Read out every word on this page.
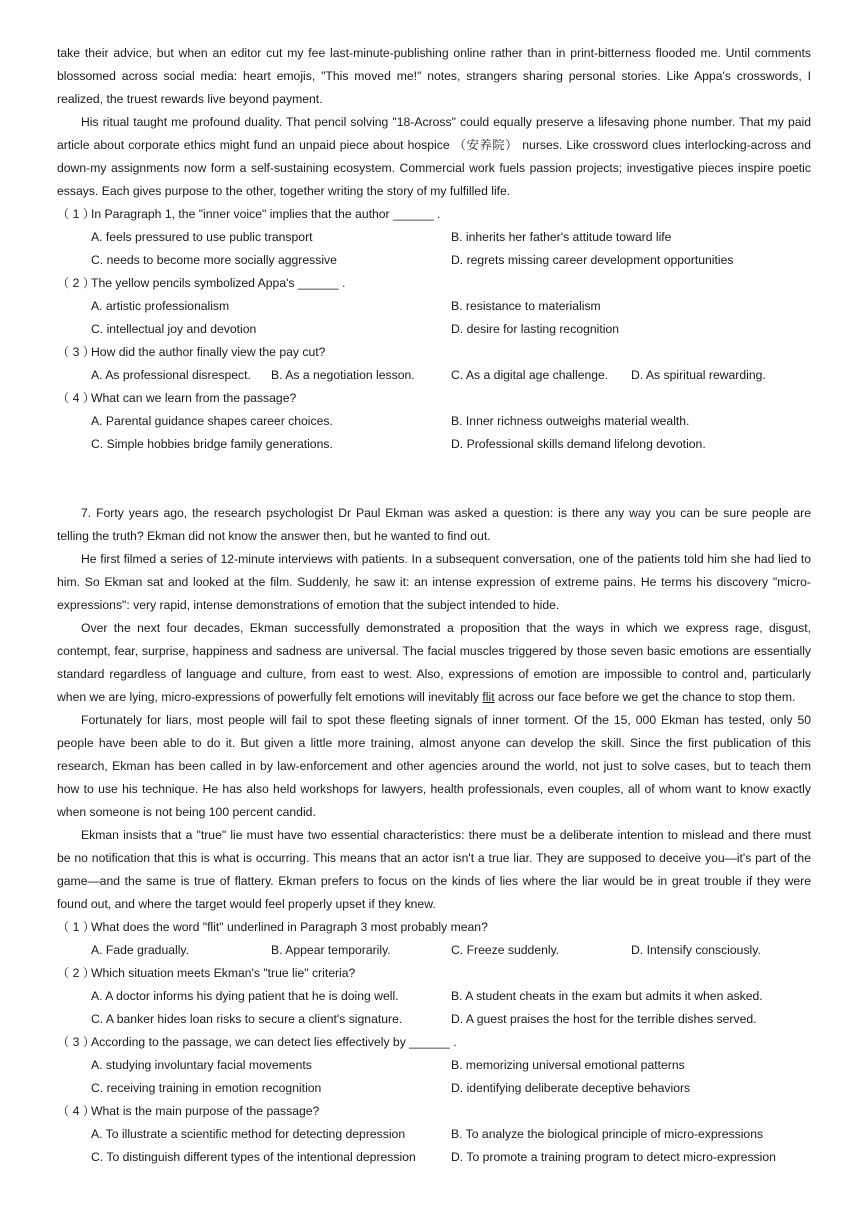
take their advice, but when an editor cut my fee last-minute-publishing online rather than in print-bitterness flooded me. Until comments blossomed across social media: heart emojis, "This moved me!" notes, strangers sharing personal stories. Like Appa's crosswords, I realized, the truest rewards live beyond payment.

His ritual taught me profound duality. That pencil solving "18-Across" could equally preserve a lifesaving phone number. That my paid article about corporate ethics might fund an unpaid piece about hospice （安养院） nurses. Like crossword clues interlocking-across and down-my assignments now form a self-sustaining ecosystem. Commercial work fuels passion projects; investigative pieces inspire poetic essays. Each gives purpose to the other, together writing the story of my fulfilled life.

（ 1 ）
In Paragraph 1, the "inner voice" implies that the author ______ .
A. feels pressured to use public transport	B. inherits her father's attitude toward life
C. needs to become more socially aggressive	D. regrets missing career development opportunities
（ 2 ）
The yellow pencils symbolized Appa's ______ .
A. artistic professionalism	B. resistance to materialism
C. intellectual joy and devotion	D. desire for lasting recognition
（ 3 ）
How did the author finally view the pay cut?
A. As professional disrespect.	B. As a negotiation lesson.	C. As a digital age challenge.	D. As spiritual rewarding.
（ 4 ）
What can we learn from the passage?
A. Parental guidance shapes career choices.	B. Inner richness outweighs material wealth.
C. Simple hobbies bridge family generations.	D. Professional skills demand lifelong devotion.

7. Forty years ago, the research psychologist Dr Paul Ekman was asked a question: is there any way you can be sure people are telling the truth? Ekman did not know the answer then, but he wanted to find out.

He first filmed a series of 12-minute interviews with patients. In a subsequent conversation, one of the patients told him she had lied to him. So Ekman sat and looked at the film. Suddenly, he saw it: an intense expression of extreme pains. He terms his discovery "micro-expressions": very rapid, intense demonstrations of emotion that the subject intended to hide.

Over the next four decades, Ekman successfully demonstrated a proposition that the ways in which we express rage, disgust, contempt, fear, surprise, happiness and sadness are universal. The facial muscles triggered by those seven basic emotions are essentially standard regardless of language and culture, from east to west. Also, expressions of emotion are impossible to control and, particularly when we are lying, micro-expressions of powerfully felt emotions will inevitably flit across our face before we get the chance to stop them.

Fortunately for liars, most people will fail to spot these fleeting signals of inner torment. Of the 15, 000 Ekman has tested, only 50 people have been able to do it. But given a little more training, almost anyone can develop the skill. Since the first publication of this research, Ekman has been called in by law-enforcement and other agencies around the world, not just to solve cases, but to teach them how to use his technique. He has also held workshops for lawyers, health professionals, even couples, all of whom want to know exactly when someone is not being 100 percent candid.

Ekman insists that a "true" lie must have two essential characteristics: there must be a deliberate intention to mislead and there must be no notification that this is what is occurring. This means that an actor isn't a true liar. They are supposed to deceive you—it's part of the game—and the same is true of flattery. Ekman prefers to focus on the kinds of lies where the liar would be in great trouble if they were found out, and where the target would feel properly upset if they knew.

（ 1 ）
What does the word "flit" underlined in Paragraph 3 most probably mean?
A. Fade gradually.	B. Appear temporarily.	C. Freeze suddenly.	D. Intensify consciously.
（ 2 ）
Which situation meets Ekman's "true lie" criteria?
A. A doctor informs his dying patient that he is doing well.	B. A student cheats in the exam but admits it when asked.
C. A banker hides loan risks to secure a client's signature.	D. A guest praises the host for the terrible dishes served.
（ 3 ）
According to the passage, we can detect lies effectively by ______ .
A. studying involuntary facial movements	B. memorizing universal emotional patterns
C. receiving training in emotion recognition	D. identifying deliberate deceptive behaviors
（ 4 ）
What is the main purpose of the passage?
A. To illustrate a scientific method for detecting depression	B. To analyze the biological principle of micro-expressions
C. To distinguish different types of the intentional depression	D. To promote a training program to detect micro-expression
